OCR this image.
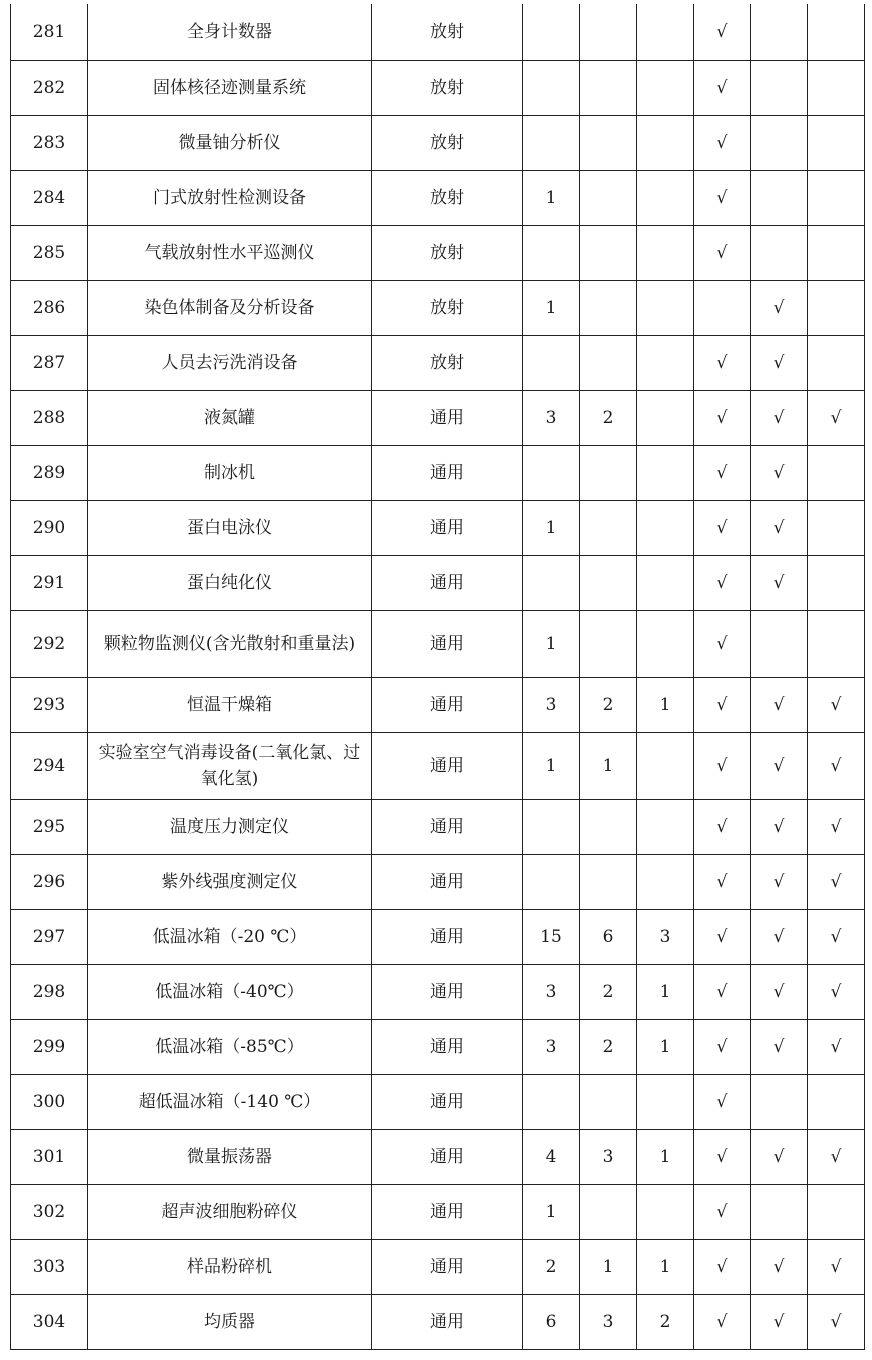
281	全身计数器	放射				√		
282	固体核径迹测量系统	放射				√		
283	微量铀分析仪	放射				√		
284	门式放射性检测设备	放射	1			√		
285	气载放射性水平巡测仪	放射				√		
286	染色体制备及分析设备	放射	1				√	
287	人员去污洗消设备	放射				√	√	
288	液氮罐	通用	3	2		√	√	√
289	制冰机	通用				√	√	
290	蛋白电泳仪	通用	1			√	√	
291	蛋白纯化仪	通用				√	√	
292	颗粒物监测仪(含光散射和重量法)	通用	1			√		
293	恒温干燥箱	通用	3	2	1	√	√	√
294	实验室空气消毒设备(二氧化氯、过氧化氢)	通用	1	1		√	√	√
295	温度压力测定仪	通用				√	√	√
296	紫外线强度测定仪	通用				√	√	√
297	低温冰箱（-20 ℃）	通用	15	6	3	√	√	√
298	低温冰箱（-40℃）	通用	3	2	1	√	√	√
299	低温冰箱（-85℃）	通用	3	2	1	√	√	√
300	超低温冰箱（-140 ℃）	通用				√		
301	微量振荡器	通用	4	3	1	√	√	√
302	超声波细胞粉碎仪	通用	1			√		
303	样品粉碎机	通用	2	1	1	√	√	√
304	均质器	通用	6	3	2	√	√	√
